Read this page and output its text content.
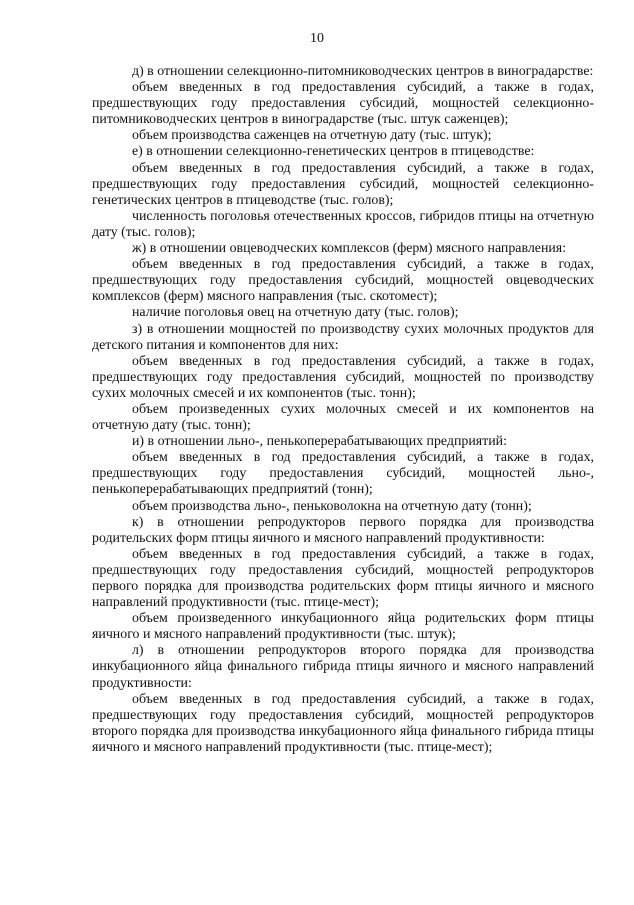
10

д) в отношении селекционно-питомниководческих центров в виноградарстве:

объем введенных в год предоставления субсидий, а также в годах, предшествующих году предоставления субсидий, мощностей селекционно-питомниководческих центров в виноградарстве (тыс. штук саженцев);

объем производства саженцев на отчетную дату (тыс. штук);

е) в отношении селекционно-генетических центров в птицеводстве:

объем введенных в год предоставления субсидий, а также в годах, предшествующих году предоставления субсидий, мощностей селекционно-генетических центров в птицеводстве (тыс. голов);

численность поголовья отечественных кроссов, гибридов птицы на отчетную дату (тыс. голов);

ж) в отношении овцеводческих комплексов (ферм) мясного направления:

объем введенных в год предоставления субсидий, а также в годах, предшествующих году предоставления субсидий, мощностей овцеводческих комплексов (ферм) мясного направления (тыс. скотомест);

наличие поголовья овец на отчетную дату (тыс. голов);

з) в отношении мощностей по производству сухих молочных продуктов для детского питания и компонентов для них:

объем введенных в год предоставления субсидий, а также в годах, предшествующих году предоставления субсидий, мощностей по производству сухих молочных смесей и их компонентов (тыс. тонн);

объем произведенных сухих молочных смесей и их компонентов на отчетную дату (тыс. тонн);

и) в отношении льно-, пенькоперерабатывающих предприятий:

объем введенных в год предоставления субсидий, а также в годах, предшествующих году предоставления субсидий, мощностей льно-, пенькоперерабатывающих предприятий (тонн);

объем производства льно-, пеньковолокна на отчетную дату (тонн);

к) в отношении репродукторов первого порядка для производства родительских форм птицы яичного и мясного направлений продуктивности:

объем введенных в год предоставления субсидий, а также в годах, предшествующих году предоставления субсидий, мощностей репродукторов первого порядка для производства родительских форм птицы яичного и мясного направлений продуктивности (тыс. птице-мест);

объем произведенного инкубационного яйца родительских форм птицы яичного и мясного направлений продуктивности (тыс. штук);

л) в отношении репродукторов второго порядка для производства инкубационного яйца финального гибрида птицы яичного и мясного направлений продуктивности:

объем введенных в год предоставления субсидий, а также в годах, предшествующих году предоставления субсидий, мощностей репродукторов второго порядка для производства инкубационного яйца финального гибрида птицы яичного и мясного направлений продуктивности (тыс. птице-мест);
